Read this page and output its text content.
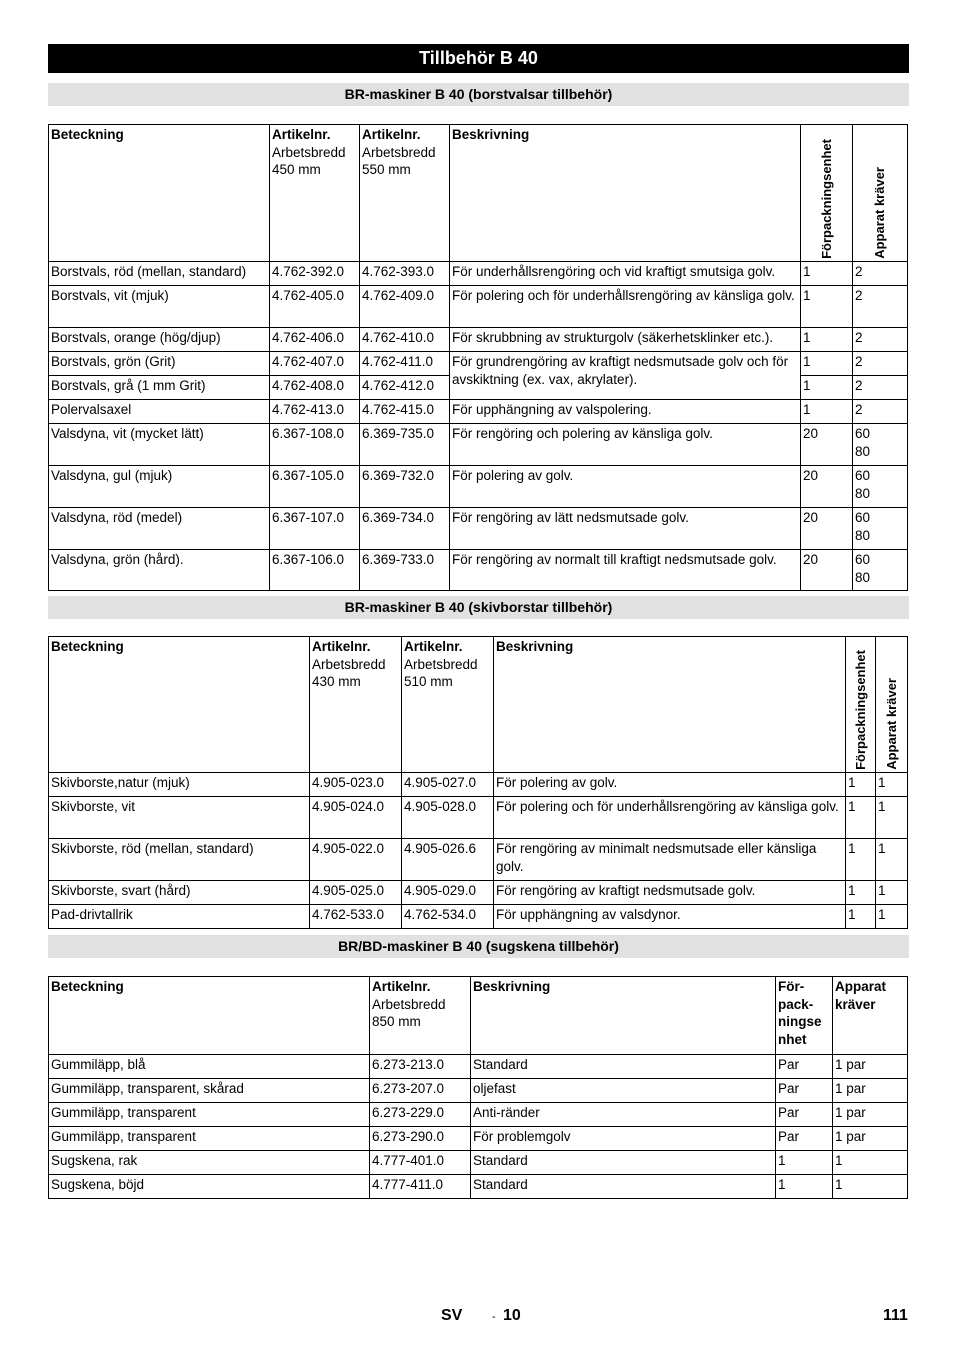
Tillbehör B 40
BR-maskiner B 40 (borstvalsar tillbehör)
Beteckning	Artikelnr.
Arbetsbredd
450 mm	Artikelnr.
Arbetsbredd
550 mm	Beskrivning	Förpackningsenhet	Apparat kräver

Borstvals, röd (mellan, standard)	4.762-392.0	4.762-393.0	För underhållsrengöring och vid kraftigt smutsiga golv.	1	2
Borstvals, vit (mjuk)	4.762-405.0	4.762-409.0	För polering och för underhållsrengöring av känsliga golv.	1	2
Borstvals, orange (hög/djup)	4.762-406.0	4.762-410.0	För skrubbning av strukturgolv (säkerhetsklinker etc.).	1	2
Borstvals, grön (Grit)	4.762-407.0	4.762-411.0	För grundrengöring av kraftigt nedsmutsade golv och för avskiktning (ex. vax, akrylater).	1	2
Borstvals, grå (1 mm Grit)	4.762-408.0	4.762-412.0		1	2
Polervalsaxel	4.762-413.0	4.762-415.0	För upphängning av valspolering.	1	2
Valsdyna, vit (mycket lätt)	6.367-108.0	6.369-735.0	För rengöring och polering av känsliga golv.	20	60
80
Valsdyna, gul (mjuk)	6.367-105.0	6.369-732.0	För polering av golv.	20	60
80
Valsdyna, röd (medel)	6.367-107.0	6.369-734.0	För rengöring av lätt nedsmutsade golv.	20	60
80
Valsdyna, grön (hård).	6.367-106.0	6.369-733.0	För rengöring av normalt till kraftigt nedsmutsade golv.	20	60
80
BR-maskiner B 40 (skivborstar tillbehör)
Beteckning	Artikelnr.
Arbetsbredd
430 mm	Artikelnr.
Arbetsbredd
510 mm	Beskrivning	Förpackningsenhet	Apparat kräver

Skivborste,natur (mjuk)	4.905-023.0	4.905-027.0	För polering av golv.	1	1
Skivborste, vit	4.905-024.0	4.905-028.0	För polering och för underhållsrengöring av känsliga golv.	1	1
Skivborste, röd (mellan, standard)	4.905-022.0	4.905-026.6	För rengöring av minimalt nedsmutsade eller känsliga golv.	1	1
Skivborste, svart (hård)	4.905-025.0	4.905-029.0	För rengöring av kraftigt nedsmutsade golv.	1	1
Pad-drivtallrik	4.762-533.0	4.762-534.0	För upphängning av valsdynor.	1	1
BR/BD-maskiner B 40 (sugskena tillbehör)
Beteckning	Artikelnr.
Arbetsbredd
850 mm	Beskrivning	För-
pack-
ningse
nhet	Apparat
kräver
Gummiläpp, blå	6.273-213.0	Standard	Par	1 par
Gummiläpp, transparent, skårad	6.273-207.0	oljefast	Par	1 par
Gummiläpp, transparent	6.273-229.0	Anti-ränder	Par	1 par
Gummiläpp, transparent	6.273-290.0	För problemgolv	Par	1 par
Sugskena, rak	4.777-401.0	Standard	1	1
Sugskena, böjd	4.777-411.0	Standard	1	1
SV	- 10	111
